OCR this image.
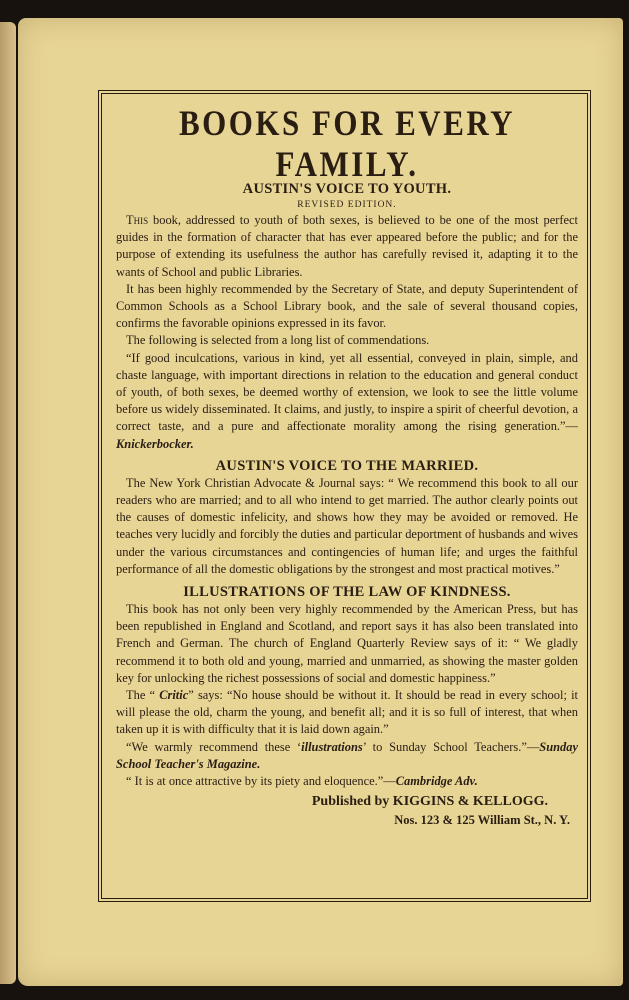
BOOKS FOR EVERY FAMILY.
AUSTIN'S VOICE TO YOUTH.
REVISED EDITION.

This book, addressed to youth of both sexes, is believed to be one of the most perfect guides in the formation of character that has ever appeared before the public; and for the purpose of extending its usefulness the author has carefully revised it, adapting it to the wants of School and public Libraries.

It has been highly recommended by the Secretary of State, and deputy Superintendent of Common Schools as a School Library book, and the sale of several thousand copies, confirms the favorable opinions expressed in its favor.

The following is selected from a long list of commendations.

“If good inculcations, various in kind, yet all essential, conveyed in plain, simple, and chaste language, with important directions in relation to the education and general conduct of youth, of both sexes, be deemed worthy of extension, we look to see the little volume before us widely disseminated. It claims, and justly, to inspire a spirit of cheerful devotion, a correct taste, and a pure and affectionate morality among the rising generation.”—Knickerbocker.

AUSTIN'S VOICE TO THE MARRIED.

The New York Christian Advocate & Journal says: “ We recommend this book to all our readers who are married; and to all who intend to get married. The author clearly points out the causes of domestic infelicity, and shows how they may be avoided or removed. He teaches very lucidly and forcibly the duties and particular deportment of husbands and wives under the various circumstances and contingencies of human life; and urges the faithful performance of all the domestic obligations by the strongest and most practical motives.”

ILLUSTRATIONS OF THE LAW OF KINDNESS.

This book has not only been very highly recommended by the American Press, but has been republished in England and Scotland, and report says it has also been translated into French and German. The church of England Quarterly Review says of it: “ We gladly recommend it to both old and young, married and unmarried, as showing the master golden key for unlocking the richest possessions of social and domestic happiness.”

The “ Critic” says: “No house should be without it. It should be read in every school; it will please the old, charm the young, and benefit all; and it is so full of interest, that when taken up it is with difficulty that it is laid down again.”

“We warmly recommend these ‘illustrations’ to Sunday School Teachers.”—Sunday School Teacher's Magazine.

“ It is at once attractive by its piety and eloquence.”—Cambridge Adv.

Published by KIGGINS & KELLOGG.
Nos. 123 & 125 William St., N. Y.
